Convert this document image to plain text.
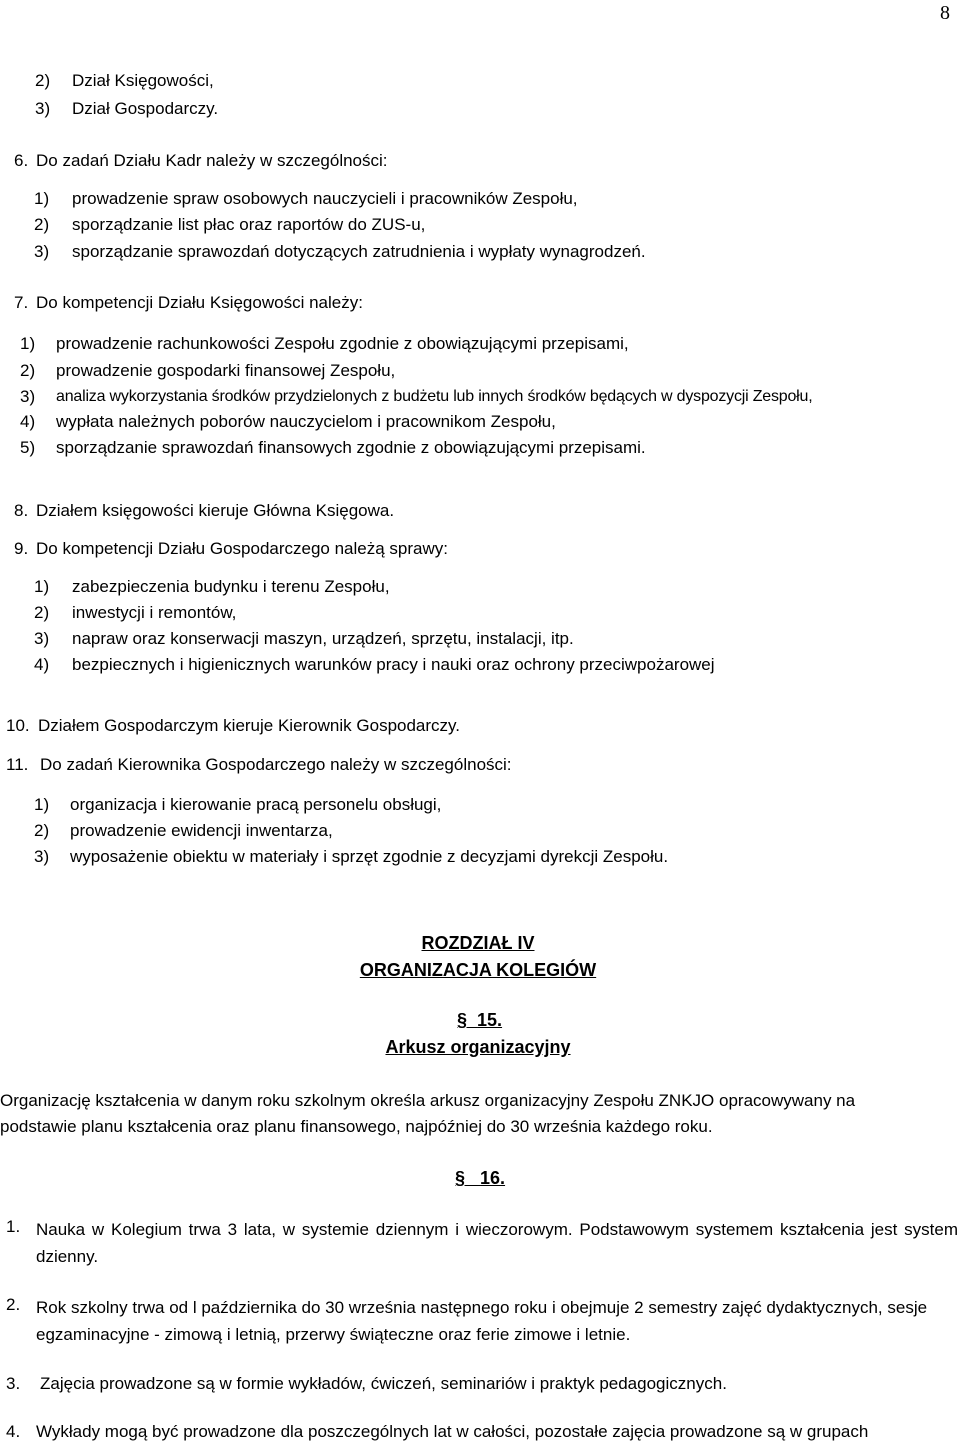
8
2) Dział Księgowości,
3) Dział Gospodarczy.
6. Do zadań Działu Kadr należy w szczególności:
1) prowadzenie spraw osobowych nauczycieli i pracowników Zespołu,
2) sporządzanie list płac oraz raportów do ZUS-u,
3) sporządzanie sprawozdań dotyczących zatrudnienia i wypłaty wynagrodzeń.
7. Do kompetencji Działu Księgowości należy:
1) prowadzenie rachunkowości Zespołu zgodnie z obowiązującymi przepisami,
2) prowadzenie gospodarki finansowej Zespołu,
3) analiza wykorzystania środków przydzielonych z budżetu lub innych środków będących w dyspozycji Zespołu,
4) wypłata należnych poborów nauczycielom i pracownikom Zespołu,
5) sporządzanie sprawozdań finansowych zgodnie z obowiązującymi przepisami.
8. Działem księgowości kieruje Główna Księgowa.
9. Do kompetencji Działu Gospodarczego należą sprawy:
1) zabezpieczenia budynku i terenu Zespołu,
2) inwestycji i remontów,
3) napraw oraz konserwacji maszyn, urządzeń, sprzętu, instalacji, itp.
4) bezpiecznych i higienicznych warunków pracy i nauki oraz ochrony przeciwpożarowej
10. Działem Gospodarczym kieruje Kierownik Gospodarczy.
11. Do zadań Kierownika Gospodarczego należy w szczególności:
1) organizacja i kierowanie pracą personelu obsługi,
2) prowadzenie ewidencji inwentarza,
3) wyposażenie obiektu w materiały i sprzęt zgodnie z decyzjami dyrekcji Zespołu.
ROZDZIAŁ IV
ORGANIZACJA KOLEGIÓW
§ 15.
Arkusz organizacyjny
Organizację kształcenia w danym roku szkolnym określa arkusz organizacyjny Zespołu ZNKJO opracowywany na podstawie planu kształcenia oraz planu finansowego, najpóźniej do 30 września każdego roku.
§ 16.
1. Nauka w Kolegium trwa 3 lata, w systemie dziennym i wieczorowym. Podstawowym systemem kształcenia jest system dzienny.
2. Rok szkolny trwa od l października do 30 września następnego roku i obejmuje 2 semestry zajęć dydaktycznych, sesje egzaminacyjne - zimową i letnią, przerwy świąteczne oraz ferie zimowe i letnie.
3. Zajęcia prowadzone są w formie wykładów, ćwiczeń, seminariów i praktyk pedagogicznych.
4. Wykłady mogą być prowadzone dla poszczególnych lat w całości, pozostałe zajęcia prowadzone są w grupach
